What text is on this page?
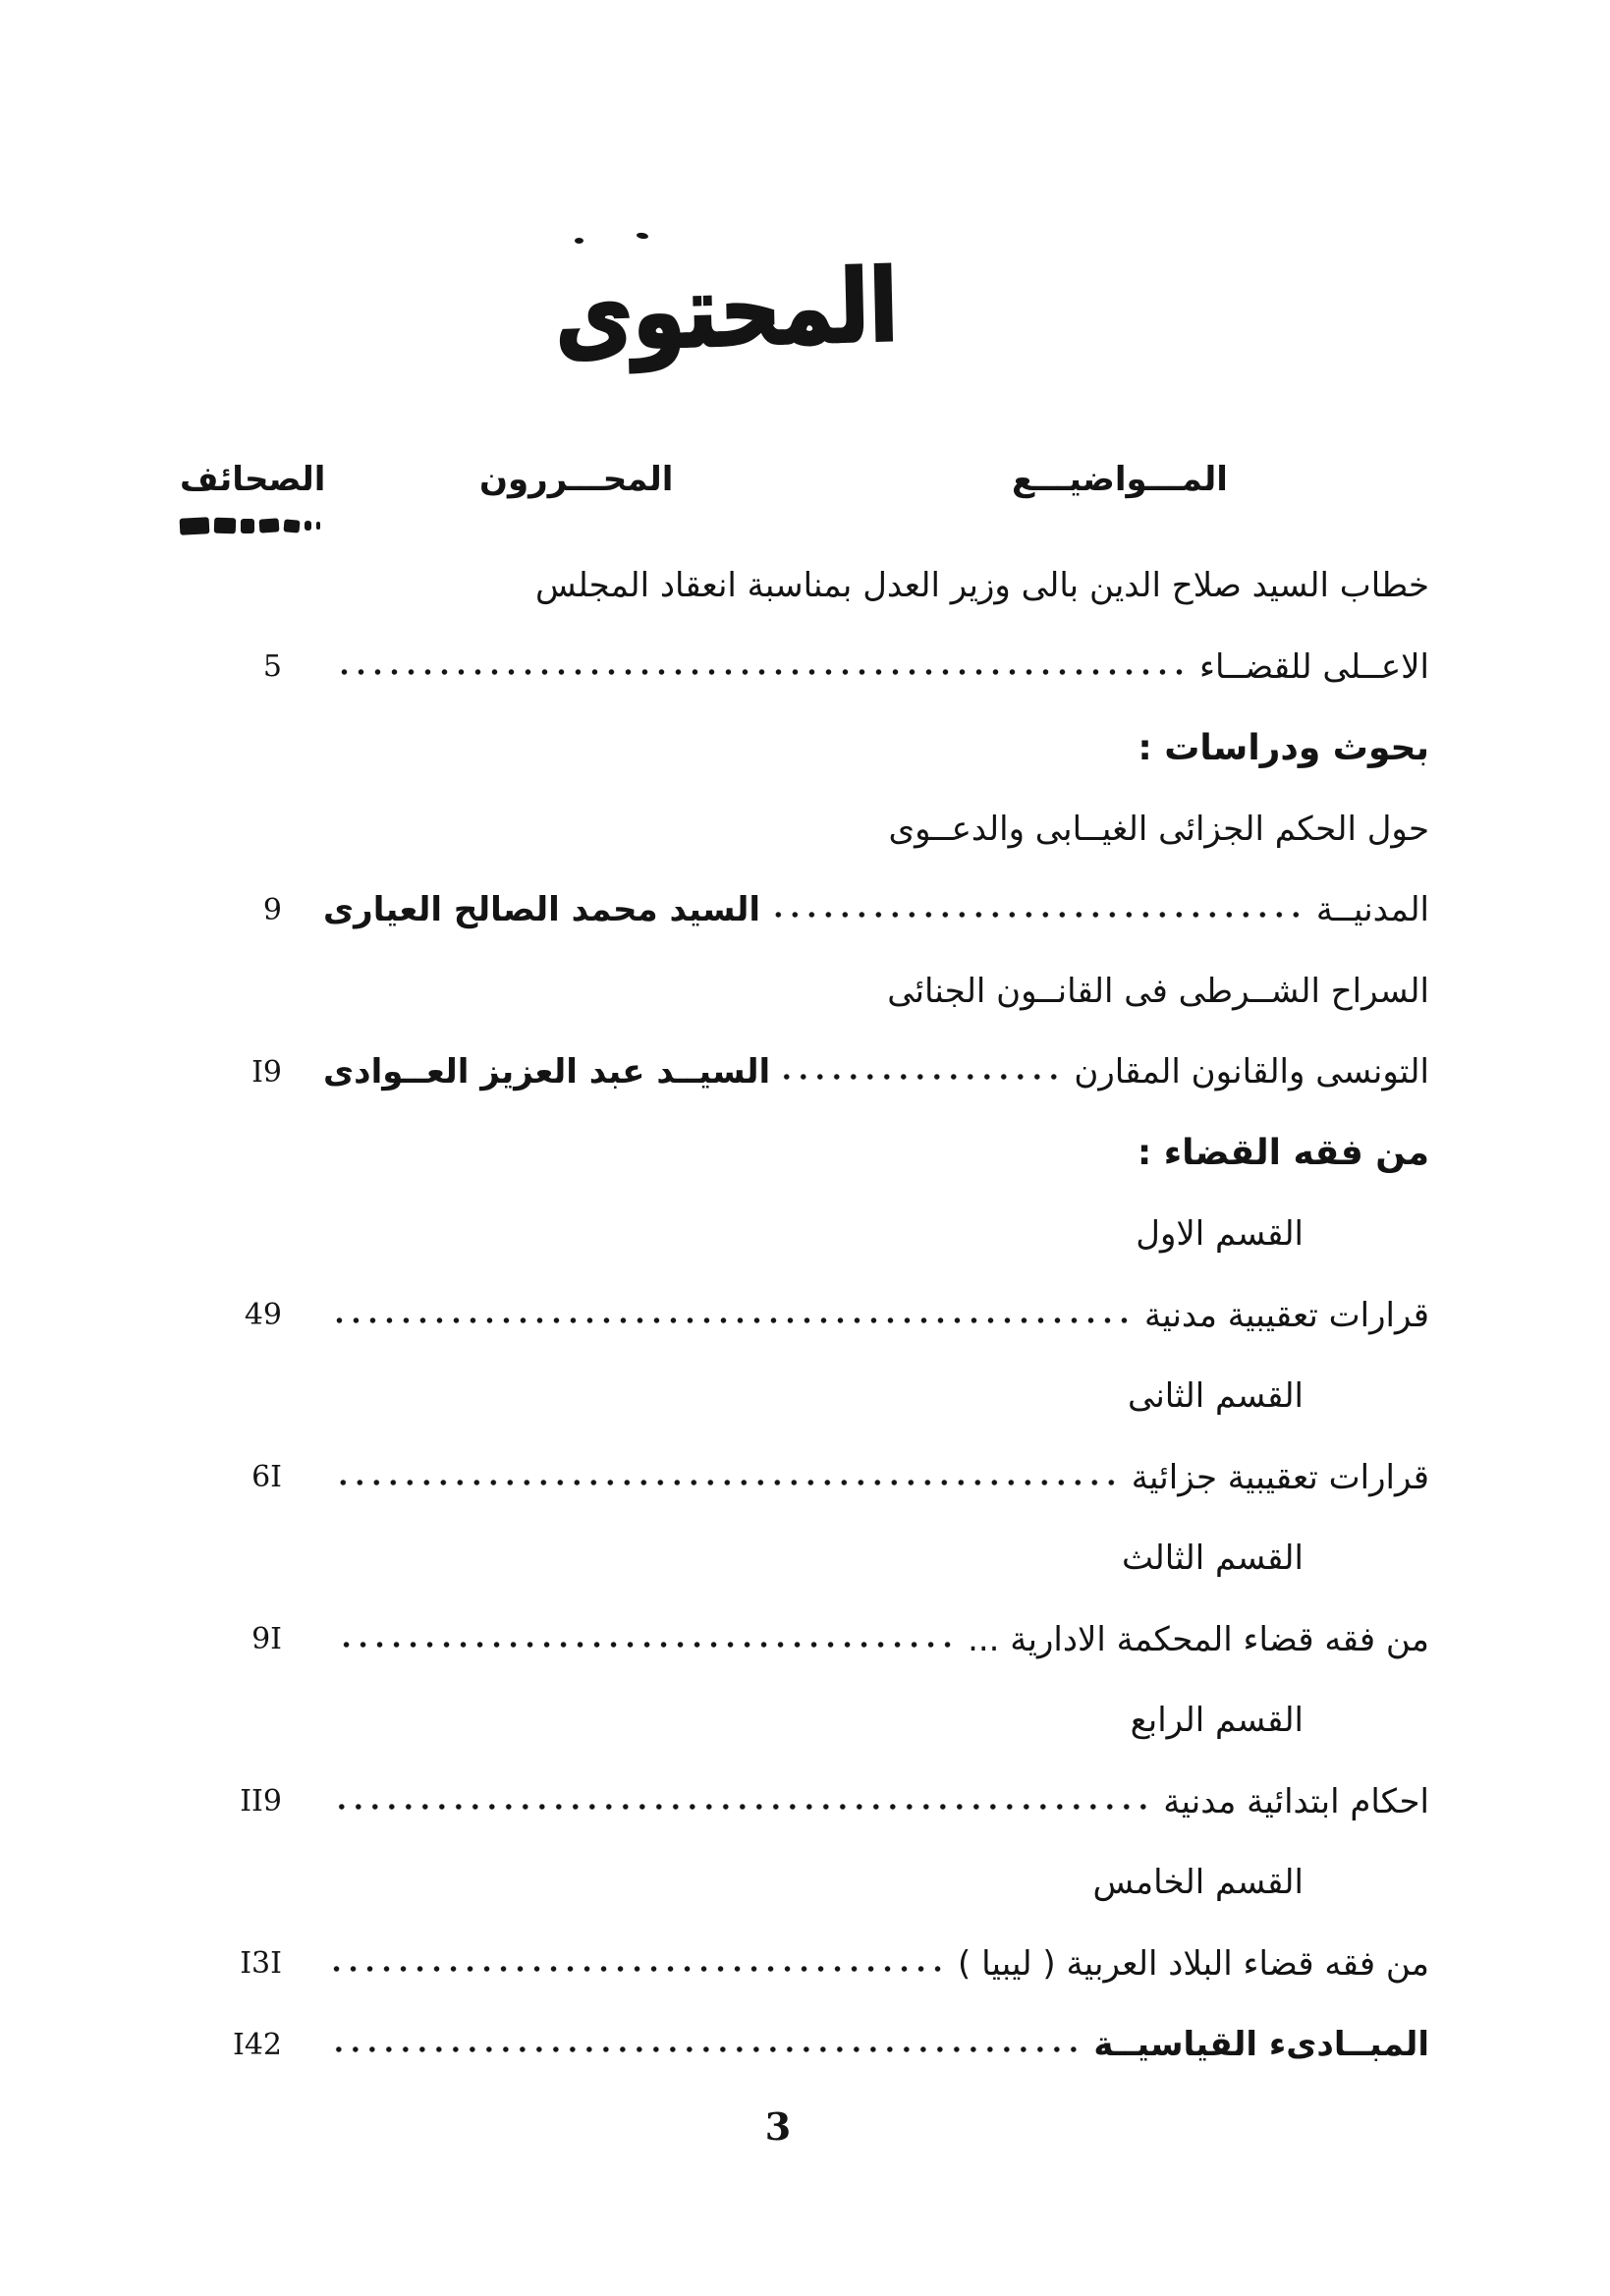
المحتوى
المـــواضيـــع
المحـــررون
الصحائف
خطاب السيد صلاح الدين بالى وزير العدل بمناسبة انعقاد المجلس
الاعــلى للقضــاء
5
بحوث ودراسات :
حول الحكم الجزائى الغيــابى والدعــوى
المدنيــة
السيد محمد الصالح العيارى
9
السراح الشــرطى فى القانــون الجنائى
التونسى والقانون المقارن
السيــد عبد العزيز العــوادى
I9
من فقه القضاء :
القسم الاول
قرارات تعقيبية مدنية
49
القسم الثانى
قرارات تعقيبية جزائية
6I
القسم الثالث
من فقه قضاء المحكمة الادارية ...
9I
القسم الرابع
احكام ابتدائية مدنية
II9
القسم الخامس
من فقه قضاء البلاد العربية ( ليبيا )
I3I
المبــادىء القياسيــة
I42
3
